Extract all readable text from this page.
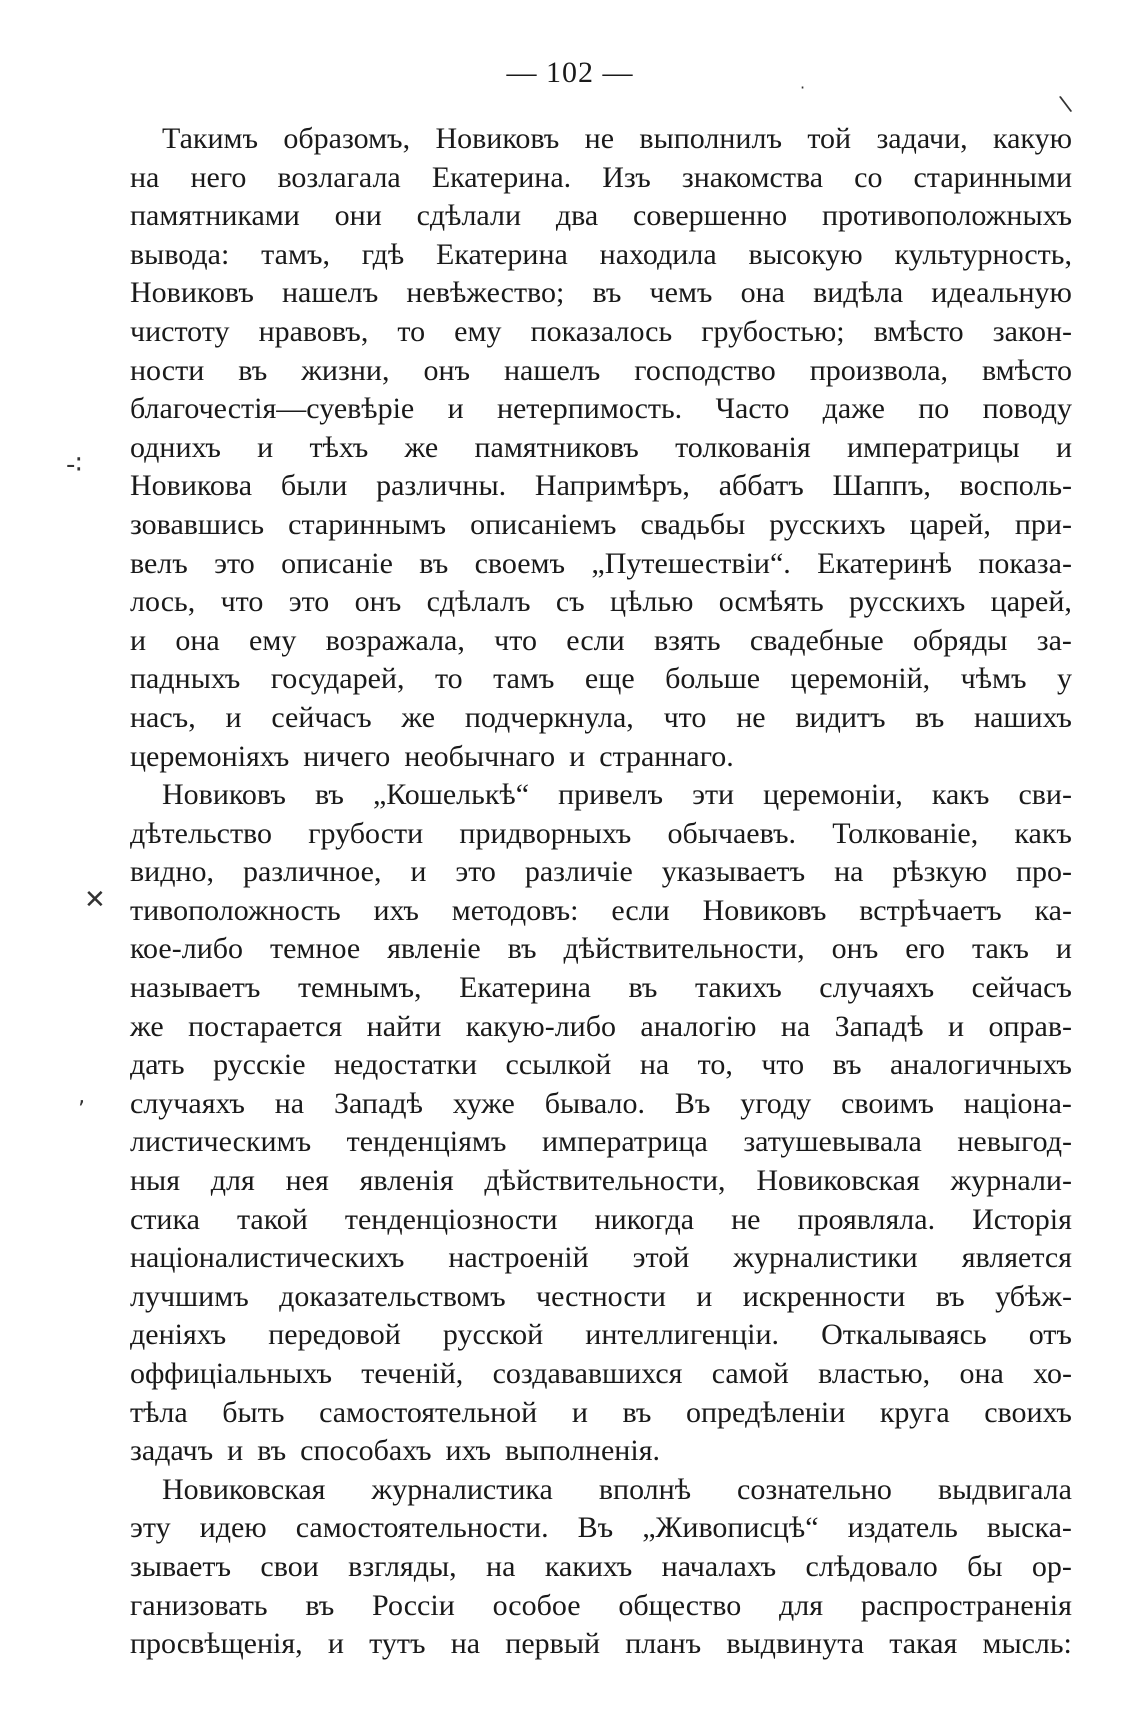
— 102 —
\
·
‐∶
✕
‚
Такимъ образомъ, Новиковъ не выполнилъ той задачи, какую
на него возлагала Екатерина. Изъ знакомства со старинными
памятниками они сдѣлали два совершенно противоположныхъ
вывода: тамъ, гдѣ Екатерина находила высокую культурность,
Новиковъ нашелъ невѣжество; въ чемъ она видѣла идеальную
чистоту нравовъ, то ему показалось грубостью; вмѣсто закон-
ности въ жизни, онъ нашелъ господство произвола, вмѣсто
благочестія—суевѣріе и нетерпимость. Часто даже по поводу
однихъ и тѣхъ же памятниковъ толкованія императрицы и
Новикова были различны. Напримѣръ, аббатъ Шаппъ, восполь-
зовавшись стариннымъ описаніемъ свадьбы русскихъ царей, при-
велъ это описаніе въ своемъ „Путешествіи“. Екатеринѣ показа-
лось, что это онъ сдѣлалъ съ цѣлью осмѣять русскихъ царей,
и она ему возражала, что если взять свадебные обряды за-
падныхъ государей, то тамъ еще больше церемоній, чѣмъ у
насъ, и сейчасъ же подчеркнула, что не видитъ въ нашихъ
церемоніяхъ ничего необычнаго и страннаго.
Новиковъ въ „Кошелькѣ“ привелъ эти церемоніи, какъ сви-
дѣтельство грубости придворныхъ обычаевъ. Толкованіе, какъ
видно, различное, и это различіе указываетъ на рѣзкую про-
тивоположность ихъ методовъ: если Новиковъ встрѣчаетъ ка-
кое-либо темное явленіе въ дѣйствительности, онъ его такъ и
называетъ темнымъ, Екатерина въ такихъ случаяхъ сейчасъ
же постарается найти какую-либо аналогію на Западѣ и оправ-
дать русскіе недостатки ссылкой на то, что въ аналогичныхъ
случаяхъ на Западѣ хуже бывало. Въ угоду своимъ націона-
листическимъ тенденціямъ императрица затушевывала невыгод-
ныя для нея явленія дѣйствительности, Новиковская журнали-
стика такой тенденціозности никогда не проявляла. Исторія
націоналистическихъ настроеній этой журналистики является
лучшимъ доказательствомъ честности и искренности въ убѣж-
деніяхъ передовой русской интеллигенціи. Откалываясь отъ
оффиціальныхъ теченій, создававшихся самой властью, она хо-
тѣла быть самостоятельной и въ опредѣленіи круга своихъ
задачъ и въ способахъ ихъ выполненія.
Новиковская журналистика вполнѣ сознательно выдвигала
эту идею самостоятельности. Въ „Живописцѣ“ издатель выска-
зываетъ свои взгляды, на какихъ началахъ слѣдовало бы ор-
ганизовать въ Россіи особое общество для распространенія
просвѣщенія, и тутъ на первый планъ выдвинута такая мысль:
